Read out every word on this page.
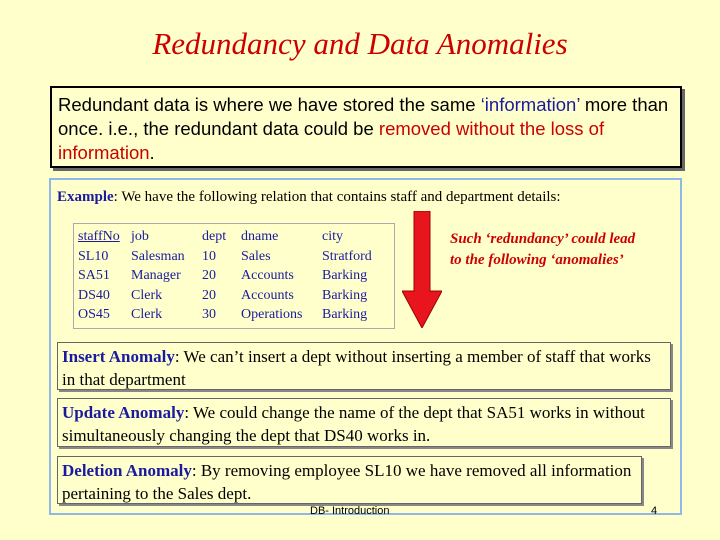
Redundancy and Data Anomalies
Redundant data is where we have stored the same ‘information’ more than once. i.e., the redundant data could be removed without the loss of information.
Example: We have the following relation that contains staff and department details:
staffNo
SL10
SA51
DS40
OS45
job
Salesman
Manager
Clerk
Clerk
dept
10
20
20
30
dname
Sales
Accounts
Accounts
Operations
city
Stratford
Barking
Barking
Barking
Such ‘redundancy’ could lead to the following ‘anomalies’
Insert Anomaly: We can’t insert a dept without inserting a member of staff that works in that department
Update Anomaly: We could change the name of the dept that SA51 works in without simultaneously changing the dept that DS40 works in.
Deletion Anomaly: By removing employee SL10 we have removed all information pertaining to the Sales dept.
DB- Introduction	4
